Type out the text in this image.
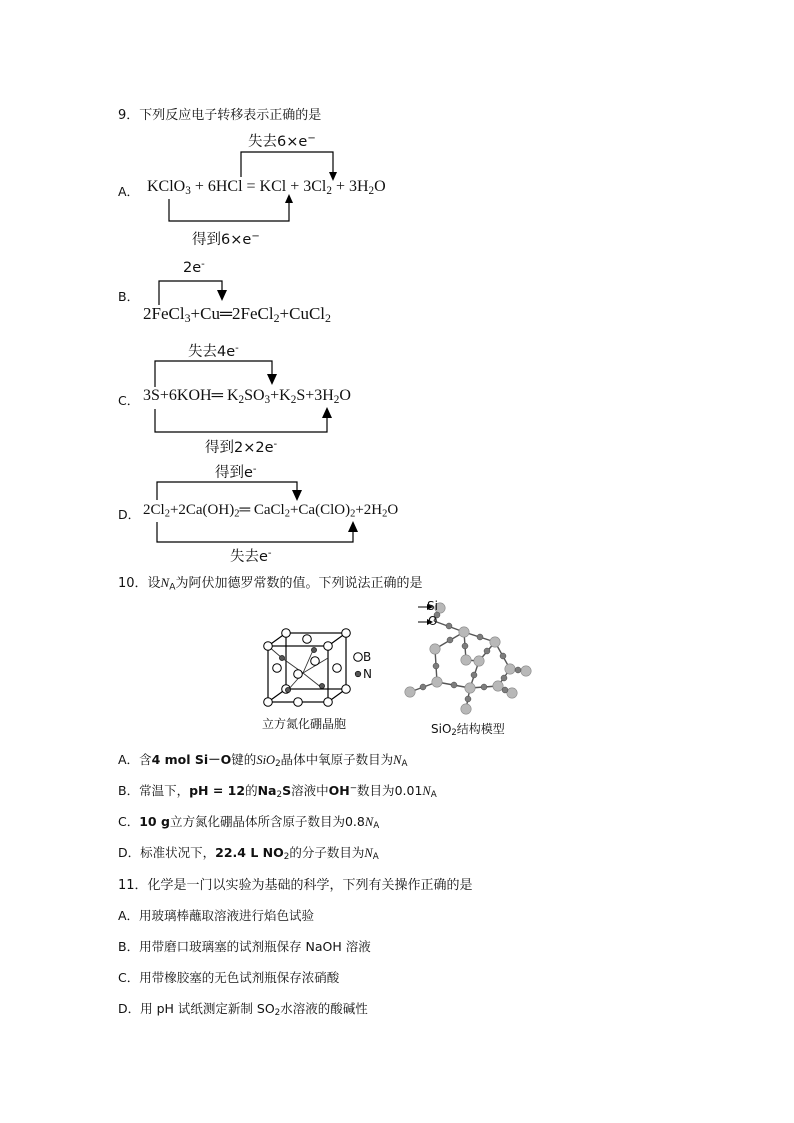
9．下列反应电子转移表示正确的是
失去6×e−
A． KClO$_3$ + 6HCl = KCl + $3Cl_2 + 3H_2O$
得到6×e−
2e-
B．
2FeCl$_3$+Cu═2FeCl$_2$+CuCl$_2$
失去4e-
C． 3S+6KOH═ $K_2SO_3+K_2S+3H_2O$
得到2×2e-
得到e-
D． $2Cl_2+2Ca(OH)_2═$ $CaCl_2+Ca(ClO)_2+2H_2O$
失去e-
10．设$N_A$为阿伏加德罗常数的值。下列说法正确的是
B
N
立方氮化硼晶胞
Si
O
SiO$_2$结构模型
A．含4 mol Si－O键的SiO$_2$晶体中氧原子数目为$N_A$
B．常温下，pH = 12的$Na_2S$溶液中OH−数目为$0.01N_A$
C．10 g立方氮化硼晶体所含原子数目为$0.8N_A$
D．标准状况下，22.4 L $NO_2$的分子数目为$N_A$
11．化学是一门以实验为基础的科学，下列有关操作正确的是
A．用玻璃棒蘸取溶液进行焰色试验
B．用带磨口玻璃塞的试剂瓶保存 NaOH 溶液
C．用带橡胶塞的无色试剂瓶保存浓硝酸
D．用 pH 试纸测定新制 $SO_2$水溶液的酸碱性
